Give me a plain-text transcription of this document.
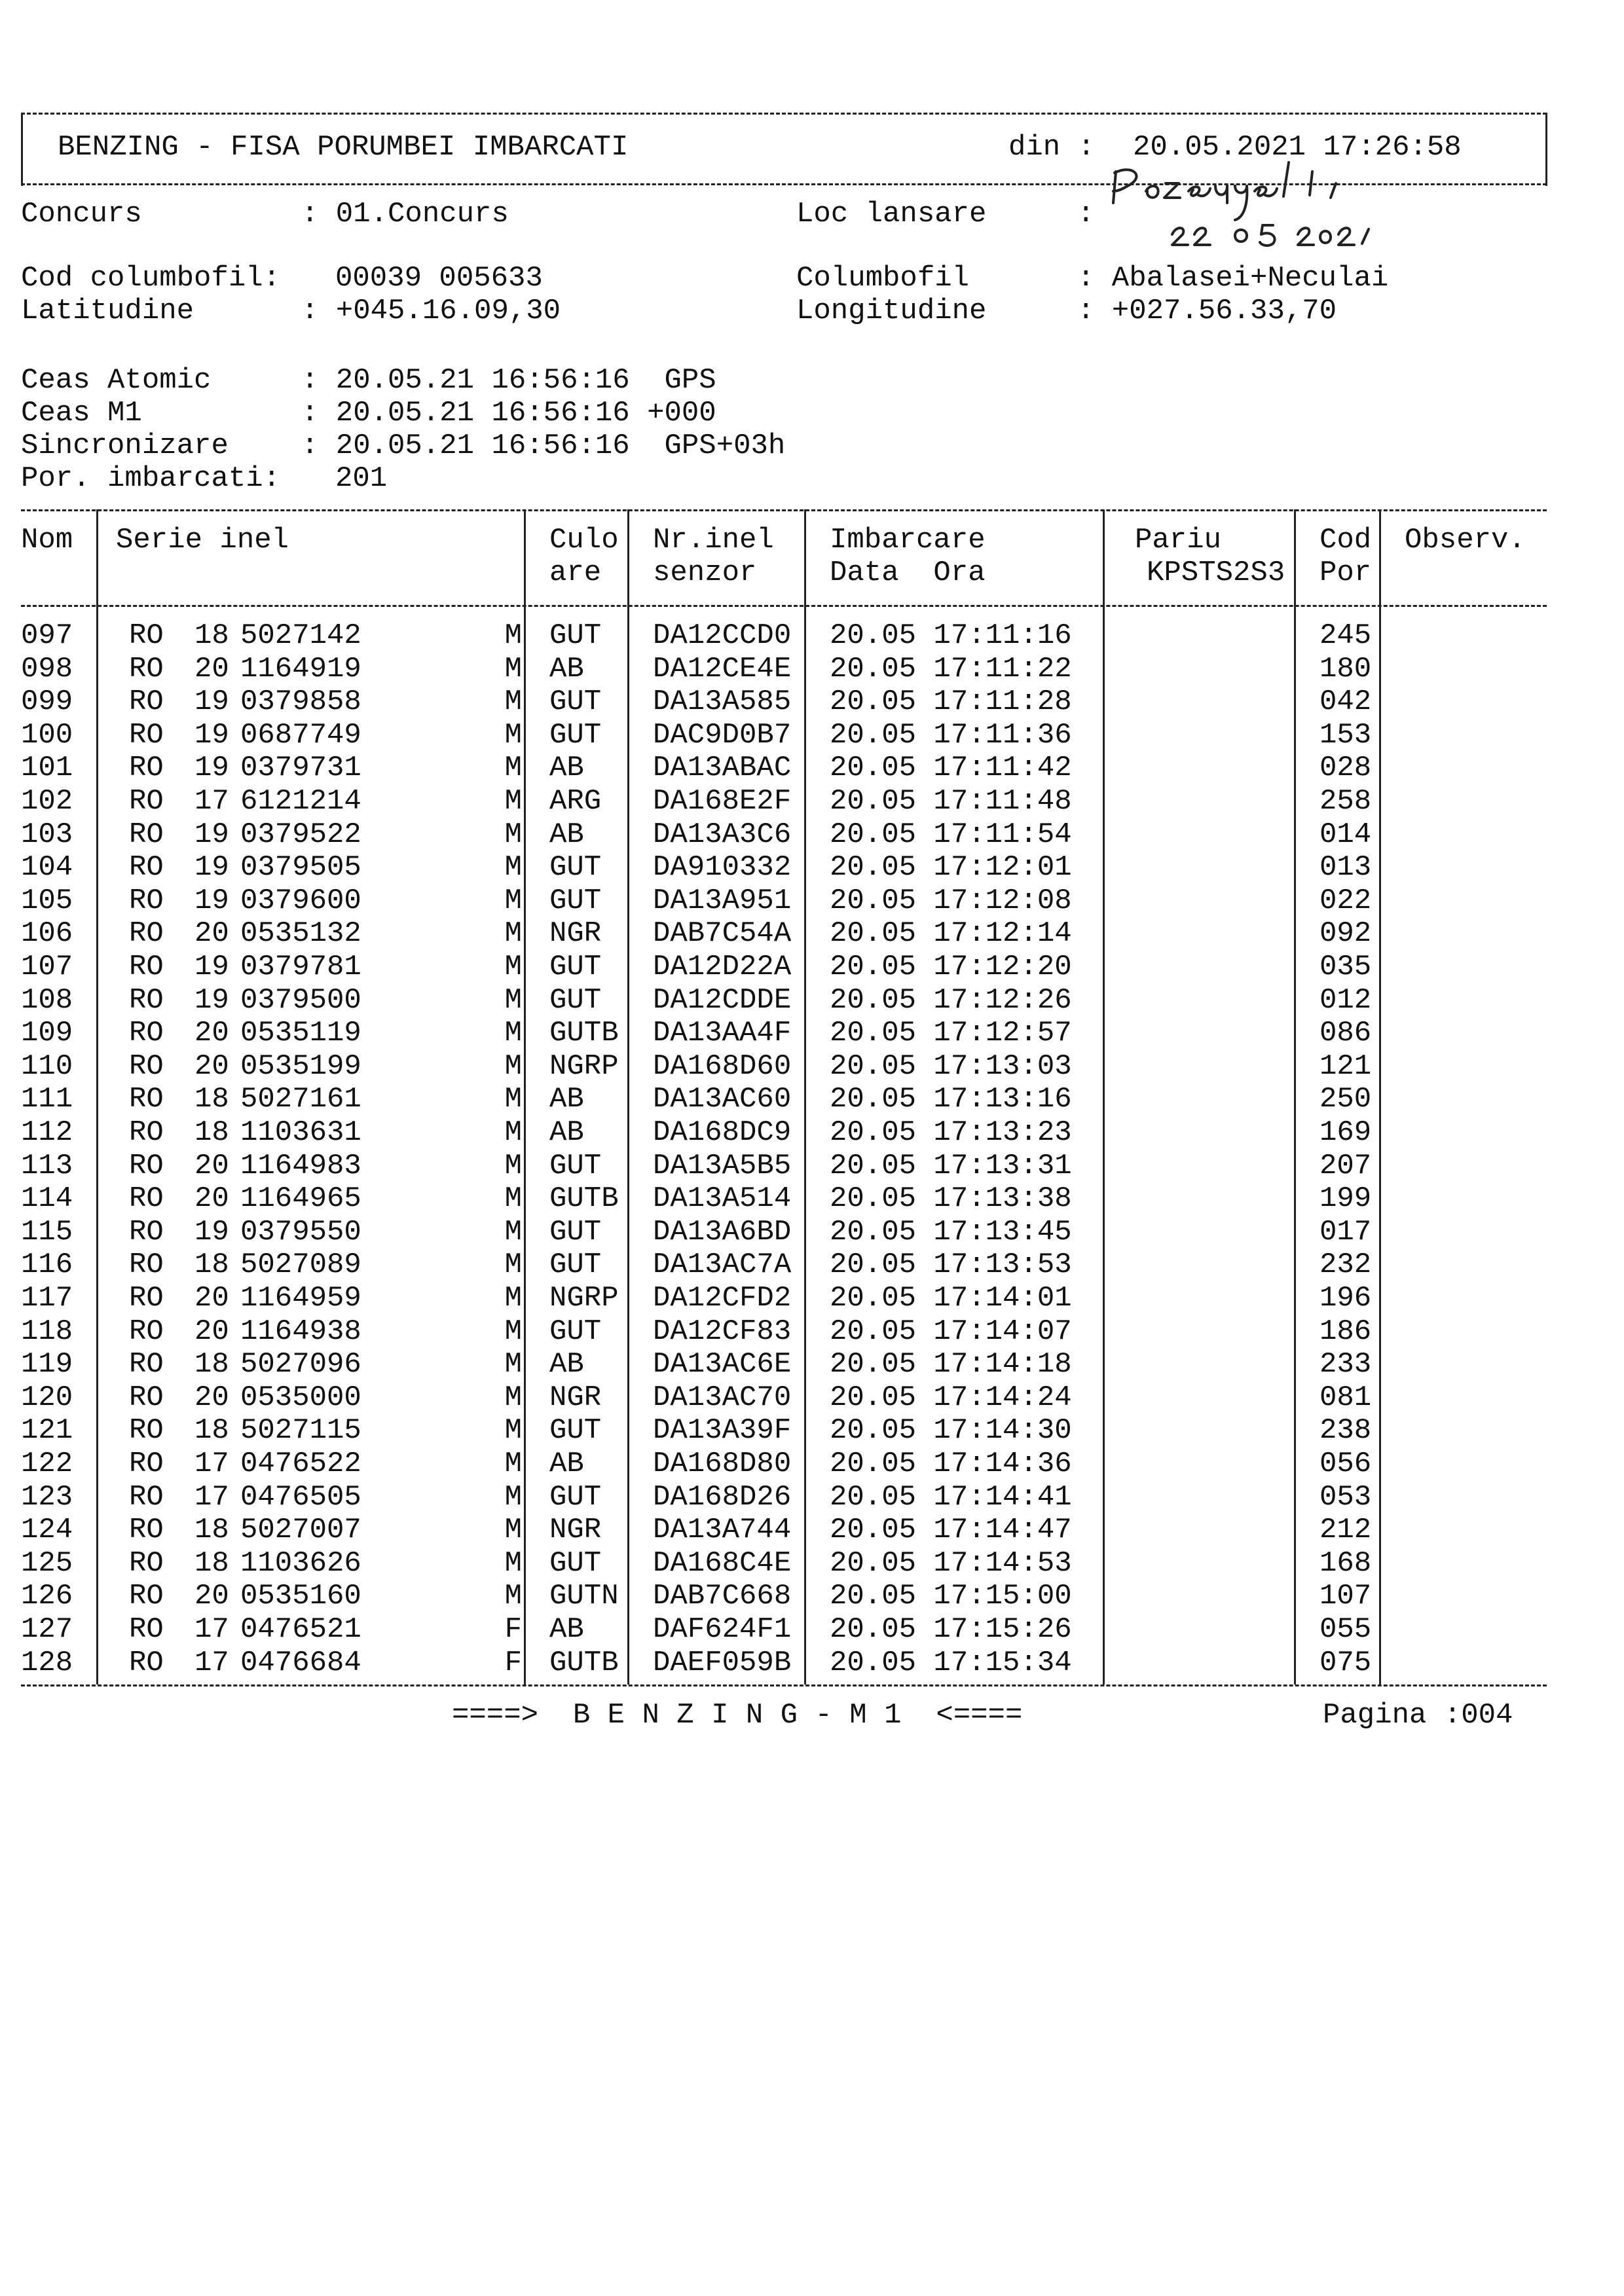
BENZING - FISA PORUMBEI IMBARCATI	din : 20.05.2021 17:26:58
Concurs	: 01.Concurs	Loc lansare	:
Cod columbofil: 00039 005633	Columbofil	: Abalasei+Neculai
Latitudine	: +045.16.09,30	Longitudine	: +027.56.33,70
Ceas Atomic	: 20.05.21 16:56:16  GPS
Ceas M1	: 20.05.21 16:56:16 +000
Sincronizare	: 20.05.21 16:56:16  GPS+03h
Por. imbarcati: 201
Nom	Serie inel	Culo	Nr.inel	Imbarcare	Pariu	Cod	Observ.
are	senzor	Data  Ora	KPSTS2S3	Por
097	RO 18 5027142	M GUT	DA12CCD0	20.05 17:11:16	245
098	RO 20 1164919	M AB	DA12CE4E	20.05 17:11:22	180
099	RO 19 0379858	M GUT	DA13A585	20.05 17:11:28	042
100	RO 19 0687749	M GUT	DAC9D0B7	20.05 17:11:36	153
101	RO 19 0379731	M AB	DA13ABAC	20.05 17:11:42	028
102	RO 17 6121214	M ARG	DA168E2F	20.05 17:11:48	258
103	RO 19 0379522	M AB	DA13A3C6	20.05 17:11:54	014
104	RO 19 0379505	M GUT	DA910332	20.05 17:12:01	013
105	RO 19 0379600	M GUT	DA13A951	20.05 17:12:08	022
106	RO 20 0535132	M NGR	DAB7C54A	20.05 17:12:14	092
107	RO 19 0379781	M GUT	DA12D22A	20.05 17:12:20	035
108	RO 19 0379500	M GUT	DA12CDDE	20.05 17:12:26	012
109	RO 20 0535119	M GUTB	DA13AA4F	20.05 17:12:57	086
110	RO 20 0535199	M NGRP	DA168D60	20.05 17:13:03	121
111	RO 18 5027161	M AB	DA13AC60	20.05 17:13:16	250
112	RO 18 1103631	M AB	DA168DC9	20.05 17:13:23	169
113	RO 20 1164983	M GUT	DA13A5B5	20.05 17:13:31	207
114	RO 20 1164965	M GUTB	DA13A514	20.05 17:13:38	199
115	RO 19 0379550	M GUT	DA13A6BD	20.05 17:13:45	017
116	RO 18 5027089	M GUT	DA13AC7A	20.05 17:13:53	232
117	RO 20 1164959	M NGRP	DA12CFD2	20.05 17:14:01	196
118	RO 20 1164938	M GUT	DA12CF83	20.05 17:14:07	186
119	RO 18 5027096	M AB	DA13AC6E	20.05 17:14:18	233
120	RO 20 0535000	M NGR	DA13AC70	20.05 17:14:24	081
121	RO 18 5027115	M GUT	DA13A39F	20.05 17:14:30	238
122	RO 17 0476522	M AB	DA168D80	20.05 17:14:36	056
123	RO 17 0476505	M GUT	DA168D26	20.05 17:14:41	053
124	RO 18 5027007	M NGR	DA13A744	20.05 17:14:47	212
125	RO 18 1103626	M GUT	DA168C4E	20.05 17:14:53	168
126	RO 20 0535160	M GUTN	DAB7C668	20.05 17:15:00	107
127	RO 17 0476521	F AB	DAF624F1	20.05 17:15:26	055
128	RO 17 0476684	F GUTB	DAEF059B	20.05 17:15:34	075
====>  B E N Z I N G - M 1  <====	Pagina :004
